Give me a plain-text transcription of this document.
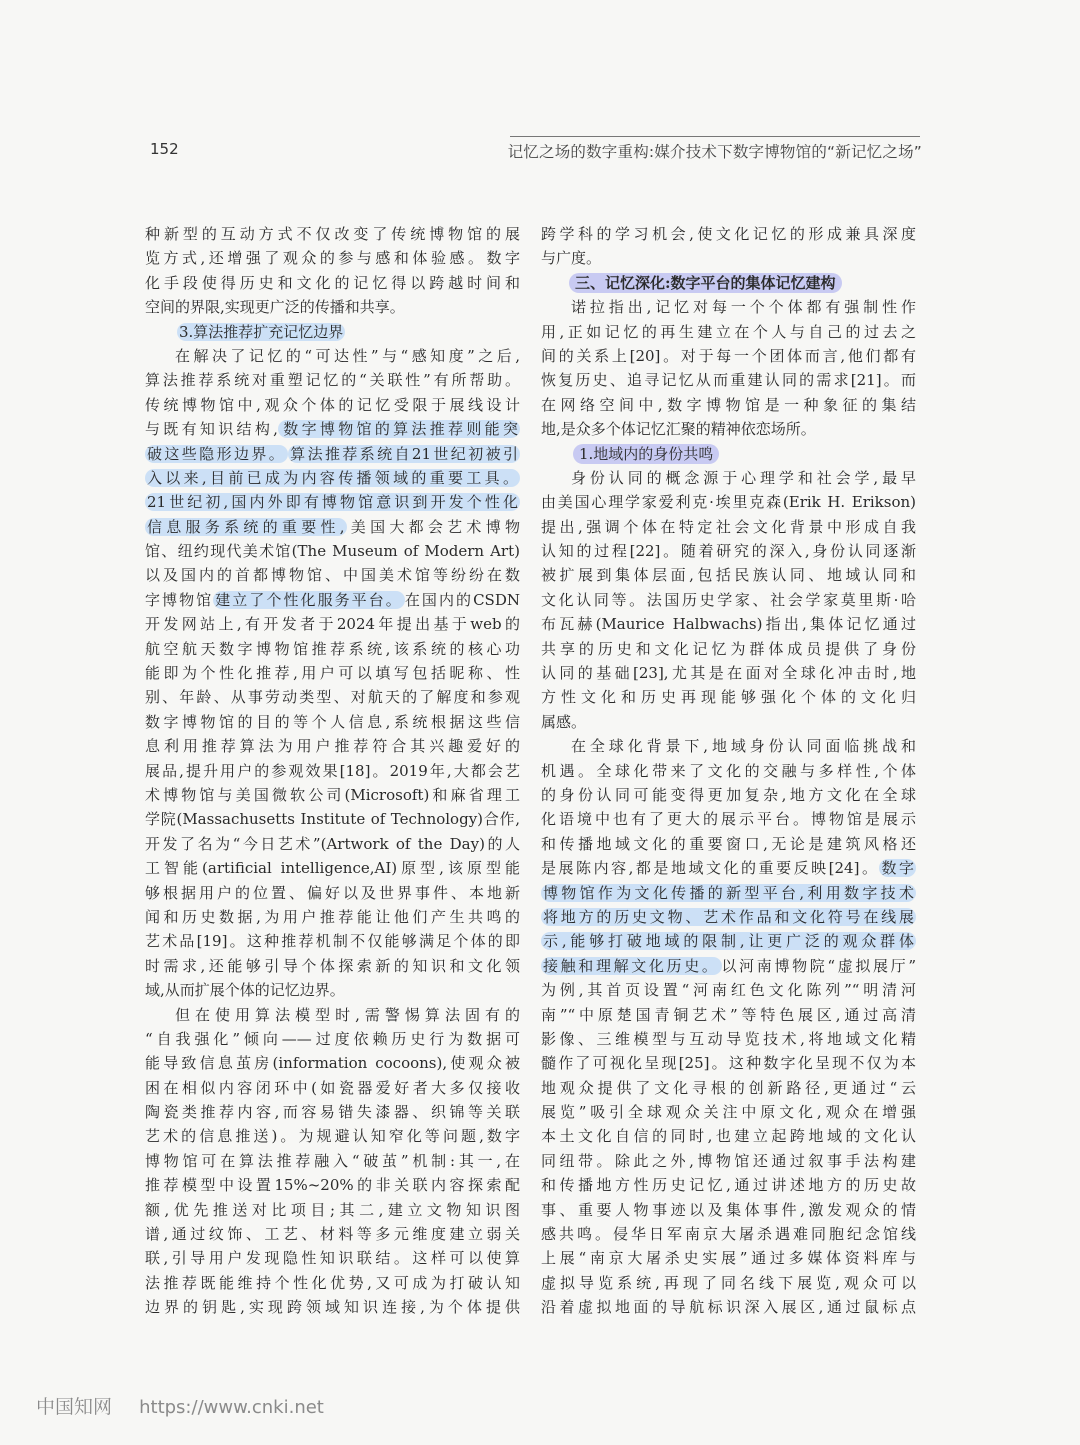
152	记忆之场的数字重构:媒介技术下数字博物馆的“新记忆之场”
种新型的互动方式不仅改变了传统博物馆的展
览方式,还增强了观众的参与感和体验感。数字
化手段使得历史和文化的记忆得以跨越时间和
空间的界限,实现更广泛的传播和共享。
3.算法推荐扩充记忆边界
在解决了记忆的“可达性”与“感知度”之后,
算法推荐系统对重塑记忆的“关联性”有所帮助。
传统博物馆中,观众个体的记忆受限于展线设计
与既有知识结构, 数字博物馆的算法推荐则能突
破这些隐形边界。 算法推荐系统自21世纪初被引
入以来,目前已成为内容传播领域的重要工具。
21世纪初,国内外即有博物馆意识到开发个性化
信息服务系统的重要性, 美国大都会艺术博物
馆、纽约现代美术馆(The Museum of Modern Art)
以及国内的首都博物馆、中国美术馆等纷纷在数
字博物馆 建立了个性化服务平台。 在国内的CSDN
开发网站上,有开发者于2024年提出基于web的
航空航天数字博物馆推荐系统,该系统的核心功
能即为个性化推荐,用户可以填写包括昵称、性
别、年龄、从事劳动类型、对航天的了解度和参观
数字博物馆的目的等个人信息,系统根据这些信
息利用推荐算法为用户推荐符合其兴趣爱好的
展品,提升用户的参观效果[18]。2019年,大都会艺
术博物馆与美国微软公司(Microsoft)和麻省理工
学院(Massachusetts Institute of Technology)合作,
开发了名为“今日艺术”(Artwork of the Day)的人
工智能(artificial intelligence,AI)原型,该原型能
够根据用户的位置、偏好以及世界事件、本地新
闻和历史数据,为用户推荐能让他们产生共鸣的
艺术品[19]。这种推荐机制不仅能够满足个体的即
时需求,还能够引导个体探索新的知识和文化领
域,从而扩展个体的记忆边界。
但在使用算法模型时,需警惕算法固有的
“自我强化”倾向——过度依赖历史行为数据可
能导致信息茧房(information cocoons),使观众被
困在相似内容闭环中(如瓷器爱好者大多仅接收
陶瓷类推荐内容,而容易错失漆器、织锦等关联
艺术的信息推送)。为规避认知窄化等问题,数字
博物馆可在算法推荐融入“破茧”机制:其一,在
推荐模型中设置15%~20%的非关联内容探索配
额,优先推送对比项目;其二,建立文物知识图
谱,通过纹饰、工艺、材料等多元维度建立弱关
联,引导用户发现隐性知识联结。这样可以使算
法推荐既能维持个性化优势,又可成为打破认知
边界的钥匙,实现跨领域知识连接,为个体提供
跨学科的学习机会,使文化记忆的形成兼具深度
与广度。
三、记忆深化:数字平台的集体记忆建构
诺拉指出,记忆对每一个个体都有强制性作
用,正如记忆的再生建立在个人与自己的过去之
间的关系上[20]。对于每一个团体而言,他们都有
恢复历史、追寻记忆从而重建认同的需求[21]。而
在网络空间中,数字博物馆是一种象征的集结
地,是众多个体记忆汇聚的精神依恋场所。
1.地域内的身份共鸣
身份认同的概念源于心理学和社会学,最早
由美国心理学家爱利克·埃里克森(Erik H. Erikson)
提出,强调个体在特定社会文化背景中形成自我
认知的过程[22]。随着研究的深入,身份认同逐渐
被扩展到集体层面,包括民族认同、地域认同和
文化认同等。法国历史学家、社会学家莫里斯·哈
布瓦赫(Maurice Halbwachs)指出,集体记忆通过
共享的历史和文化记忆为群体成员提供了身份
认同的基础[23],尤其是在面对全球化冲击时,地
方性文化和历史再现能够强化个体的文化归
属感。
在全球化背景下,地域身份认同面临挑战和
机遇。全球化带来了文化的交融与多样性,个体
的身份认同可能变得更加复杂,地方文化在全球
化语境中也有了更大的展示平台。博物馆是展示
和传播地域文化的重要窗口,无论是建筑风格还
是展陈内容,都是地域文化的重要反映[24]。 数字
博物馆作为文化传播的新型平台,利用数字技术
将地方的历史文物、艺术作品和文化符号在线展
示,能够打破地域的限制,让更广泛的观众群体
接触和理解文化历史。 以河南博物院“虚拟展厅”
为例,其首页设置“河南红色文化陈列”“明清河
南”“中原楚国青铜艺术”等特色展区,通过高清
影像、三维模型与互动导览技术,将地域文化精
髓作了可视化呈现[25]。这种数字化呈现不仅为本
地观众提供了文化寻根的创新路径,更通过“云
展览”吸引全球观众关注中原文化,观众在增强
本土文化自信的同时,也建立起跨地域的文化认
同纽带。除此之外,博物馆还通过叙事手法构建
和传播地方性历史记忆,通过讲述地方的历史故
事、重要人物事迹以及集体事件,激发观众的情
感共鸣。侵华日军南京大屠杀遇难同胞纪念馆线
上展“南京大屠杀史实展”通过多媒体资料库与
虚拟导览系统,再现了同名线下展览,观众可以
沿着虚拟地面的导航标识深入展区,通过鼠标点
中国知网 https://www.cnki.net
